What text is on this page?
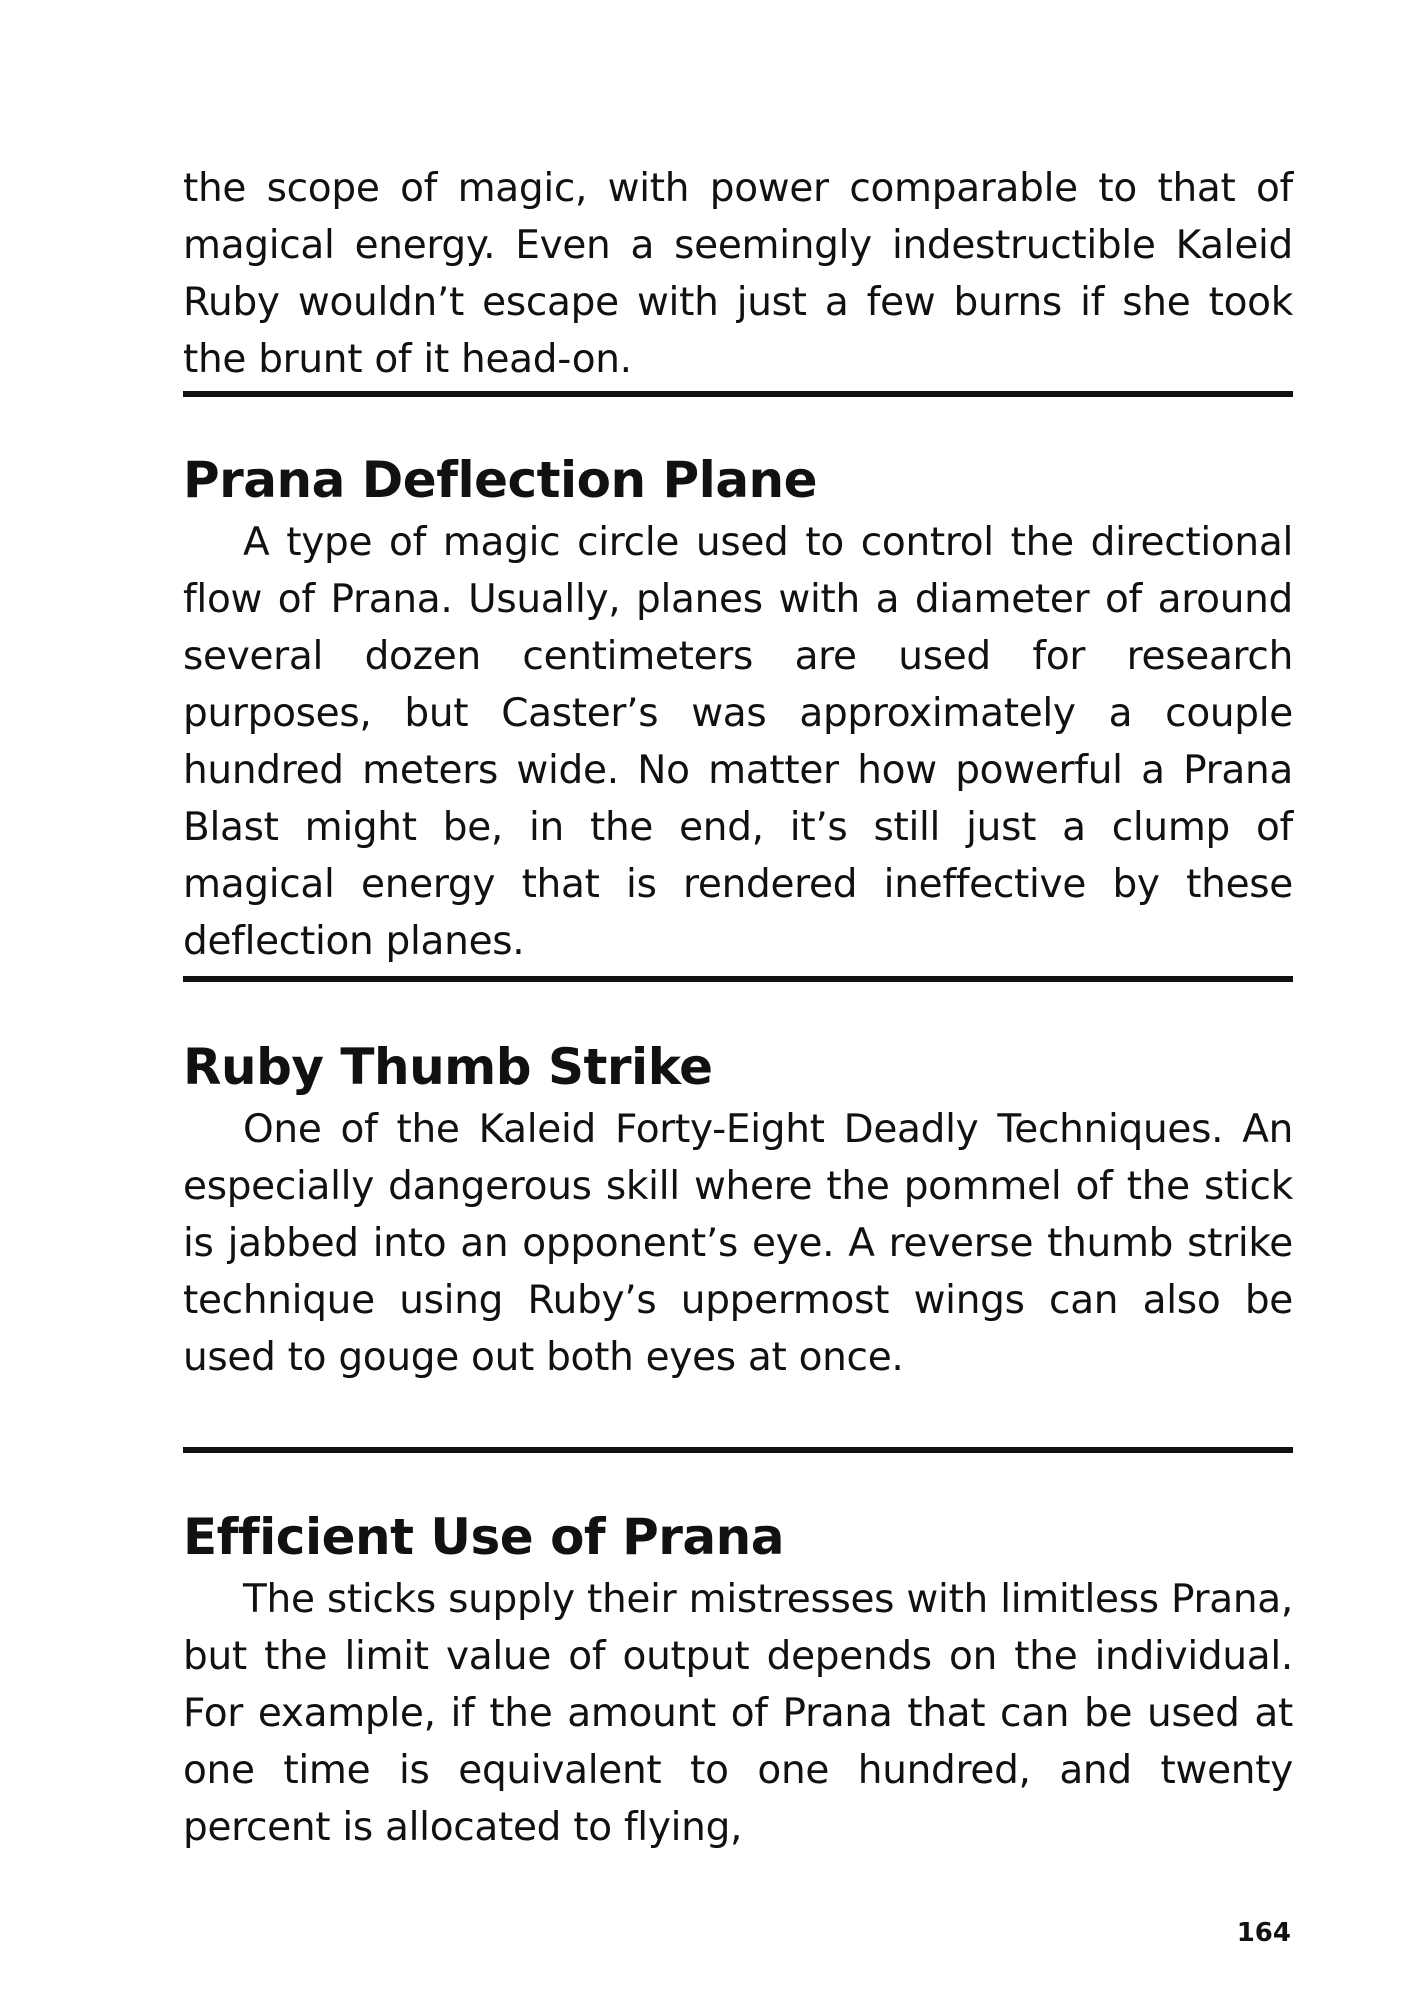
the scope of magic, with power comparable to that of magical energy. Even a seemingly indestructible Kaleid Ruby wouldn’t escape with just a few burns if she took the brunt of it head-on.

Prana Deflection Plane

A type of magic circle used to control the directional flow of Prana. Usually, planes with a diameter of around several dozen centimeters are used for research purposes, but Caster’s was approximately a couple hundred meters wide. No matter how powerful a Prana Blast might be, in the end, it’s still just a clump of magical energy that is rendered ineffective by these deflection planes.

Ruby Thumb Strike

One of the Kaleid Forty-Eight Deadly Techniques. An especially dangerous skill where the pommel of the stick is jabbed into an opponent’s eye. A reverse thumb strike technique using Ruby’s uppermost wings can also be used to gouge out both eyes at once.

Efficient Use of Prana

The sticks supply their mistresses with limitless Prana, but the limit value of output depends on the individual. For example, if the amount of Prana that can be used at one time is equivalent to one hundred, and twenty percent is allocated to flying,

164
